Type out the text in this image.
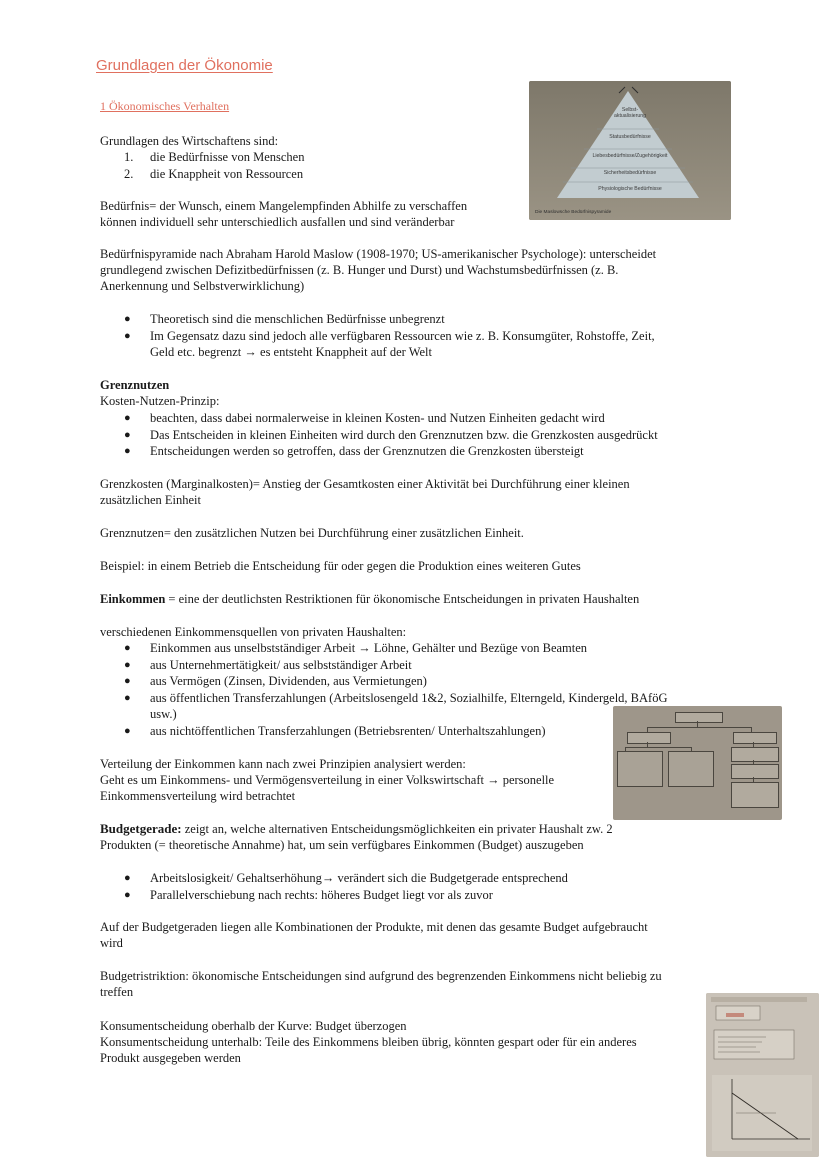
Grundlagen der Ökonomie
1 Ökonomisches Verhalten
Grundlagen des Wirtschaftens sind:
1. die Bedürfnisse von Menschen
2. die Knappheit von Ressourcen
Bedürfnis= der Wunsch, einem Mangelempfinden Abhilfe zu verschaffen
können individuell sehr unterschiedlich ausfallen und sind veränderbar
Selbst-
aktualisierung
Statusbedürfnisse
Liebesbedürfnisse/Zugehörigkeit
Sicherheitsbedürfnisse
Physiologische Bedürfnisse
Die Maslowsche Bedürfnispyramide
Bedürfnispyramide nach Abraham Harold Maslow (1908-1970; US-amerikanischer Psychologe): unterscheidet
grundlegend zwischen Defizitbedürfnissen (z. B. Hunger und Durst) und Wachstumsbedürfnissen (z. B.
Anerkennung und Selbstverwirklichung)
● Theoretisch sind die menschlichen Bedürfnisse unbegrenzt
● Im Gegensatz dazu sind jedoch alle verfügbaren Ressourcen wie z. B. Konsumgüter, Rohstoffe, Zeit,
Geld etc. begrenzt → es entsteht Knappheit auf der Welt
Grenznutzen
Kosten-Nutzen-Prinzip:
● beachten, dass dabei normalerweise in kleinen Kosten- und Nutzen Einheiten gedacht wird
● Das Entscheiden in kleinen Einheiten wird durch den Grenznutzen bzw. die Grenzkosten ausgedrückt
● Entscheidungen werden so getroffen, dass der Grenznutzen die Grenzkosten übersteigt
Grenzkosten (Marginalkosten)= Anstieg der Gesamtkosten einer Aktivität bei Durchführung einer kleinen
zusätzlichen Einheit
Grenznutzen= den zusätzlichen Nutzen bei Durchführung einer zusätzlichen Einheit.
Beispiel: in einem Betrieb die Entscheidung für oder gegen die Produktion eines weiteren Gutes
Einkommen = eine der deutlichsten Restriktionen für ökonomische Entscheidungen in privaten Haushalten
verschiedenen Einkommensquellen von privaten Haushalten:
● Einkommen aus unselbstständiger Arbeit → Löhne, Gehälter und Bezüge von Beamten
● aus Unternehmertätigkeit/ aus selbstständiger Arbeit
● aus Vermögen (Zinsen, Dividenden, aus Vermietungen)
● aus öffentlichen Transferzahlungen (Arbeitslosengeld 1&2, Sozialhilfe, Elterngeld, Kindergeld, BAföG
usw.)
● aus nichtöffentlichen Transferzahlungen (Betriebsrenten/ Unterhaltszahlungen)
Verteilung der Einkommen kann nach zwei Prinzipien analysiert werden:
Geht es um Einkommens- und Vermögensverteilung in einer Volkswirtschaft → personelle
Einkommensverteilung wird betrachtet
Budgetgerade: zeigt an, welche alternativen Entscheidungsmöglichkeiten ein privater Haushalt zw. 2
Produkten (= theoretische Annahme) hat, um sein verfügbares Einkommen (Budget) auszugeben
● Arbeitslosigkeit/ Gehaltserhöhung→ verändert sich die Budgetgerade entsprechend
● Parallelverschiebung nach rechts: höheres Budget liegt vor als zuvor
Auf der Budgetgeraden liegen alle Kombinationen der Produkte, mit denen das gesamte Budget aufgebraucht
wird
Budgetristriktion: ökonomische Entscheidungen sind aufgrund des begrenzenden Einkommens nicht beliebig zu
treffen
Konsumentscheidung oberhalb der Kurve: Budget überzogen
Konsumentscheidung unterhalb: Teile des Einkommens bleiben übrig, könnten gespart oder für ein anderes
Produkt ausgegeben werden
